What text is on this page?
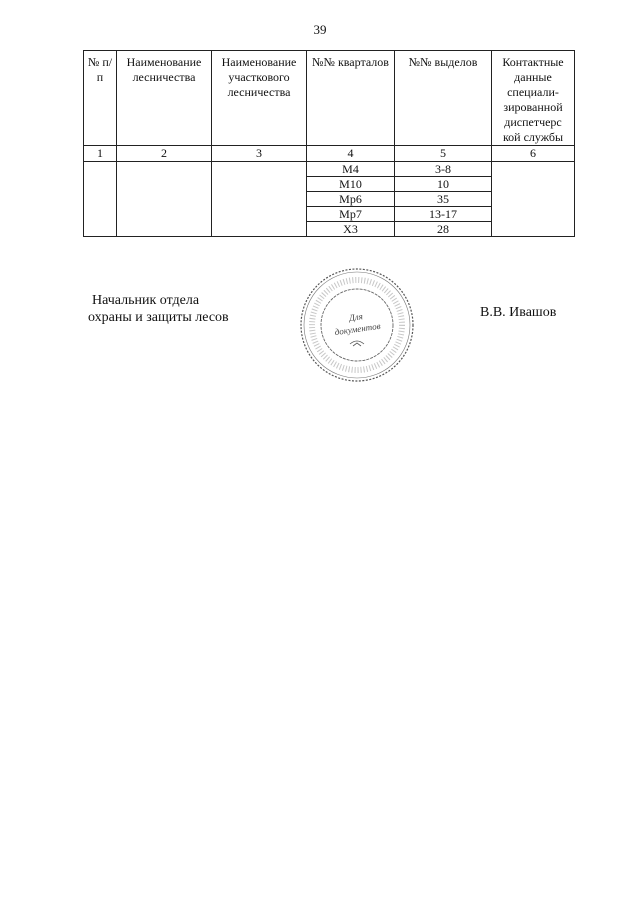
39
№ п/п	Наименование лесничества	Наименование участкового лесничества	№№ кварталов	№№ выделов	Контактные данные специали-зированной диспетчерс кой службы
1	2	3	4	5	6
			М4	3-8	
			М10	10	
			Мр6	35	
			Мр7	13-17	
			Х3	28	
Начальник отдела
охраны и защиты лесов	Для
документов
В.В. Ивашов
